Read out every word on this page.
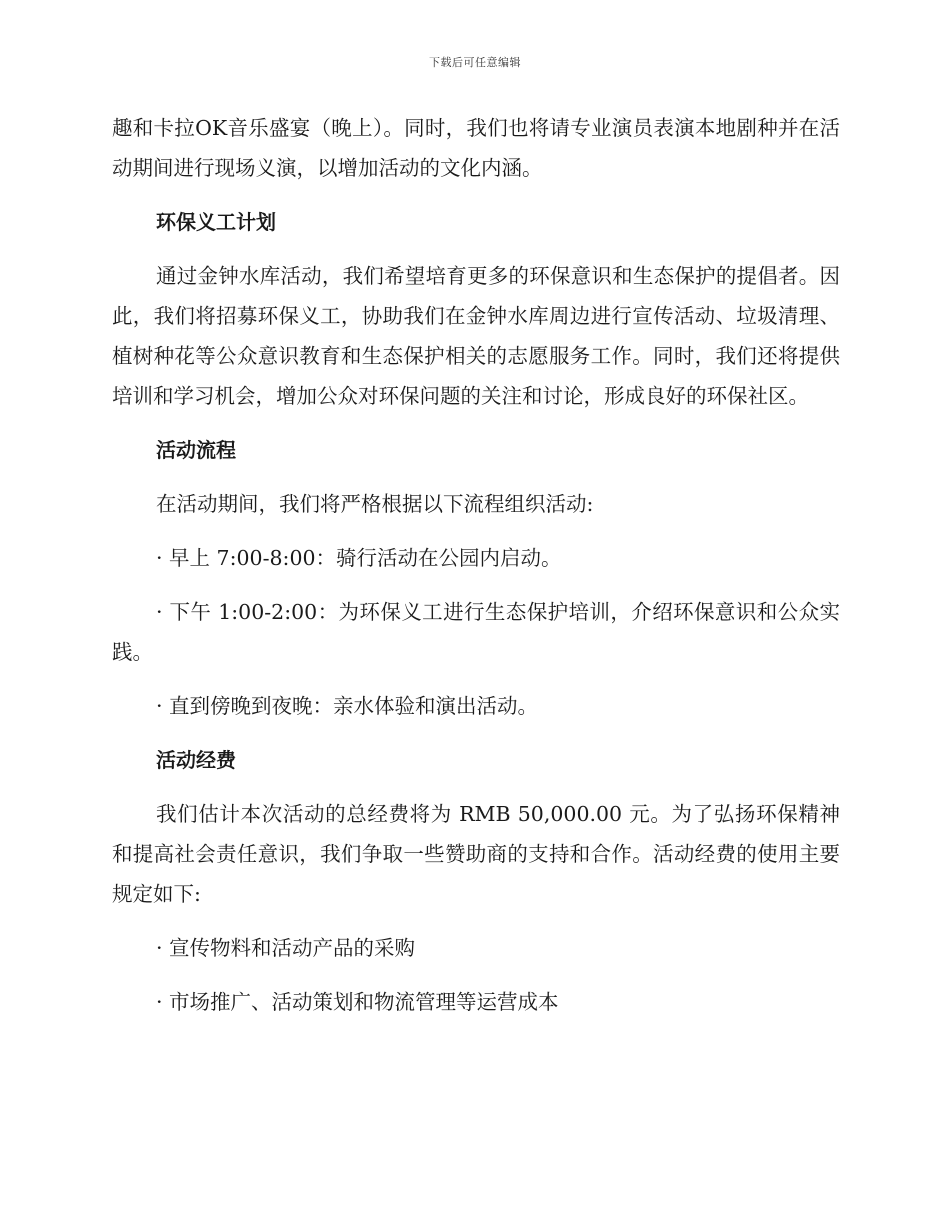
下载后可任意编辑

趣和卡拉OK音乐盛宴（晚上）。同时，我们也将请专业演员表演本地剧种并在活动期间进行现场义演，以增加活动的文化内涵。

环保义工计划

通过金钟水库活动，我们希望培育更多的环保意识和生态保护的提倡者。因此，我们将招募环保义工，协助我们在金钟水库周边进行宣传活动、垃圾清理、植树种花等公众意识教育和生态保护相关的志愿服务工作。同时，我们还将提供培训和学习机会，增加公众对环保问题的关注和讨论，形成良好的环保社区。

活动流程

在活动期间，我们将严格根据以下流程组织活动:

· 早上 7:00-8:00：骑行活动在公园内启动。

· 下午 1:00-2:00：为环保义工进行生态保护培训，介绍环保意识和公众实践。

· 直到傍晚到夜晚：亲水体验和演出活动。

活动经费

我们估计本次活动的总经费将为 RMB 50,000.00 元。为了弘扬环保精神和提高社会责任意识，我们争取一些赞助商的支持和合作。活动经费的使用主要规定如下:

· 宣传物料和活动产品的采购

· 市场推广、活动策划和物流管理等运营成本
